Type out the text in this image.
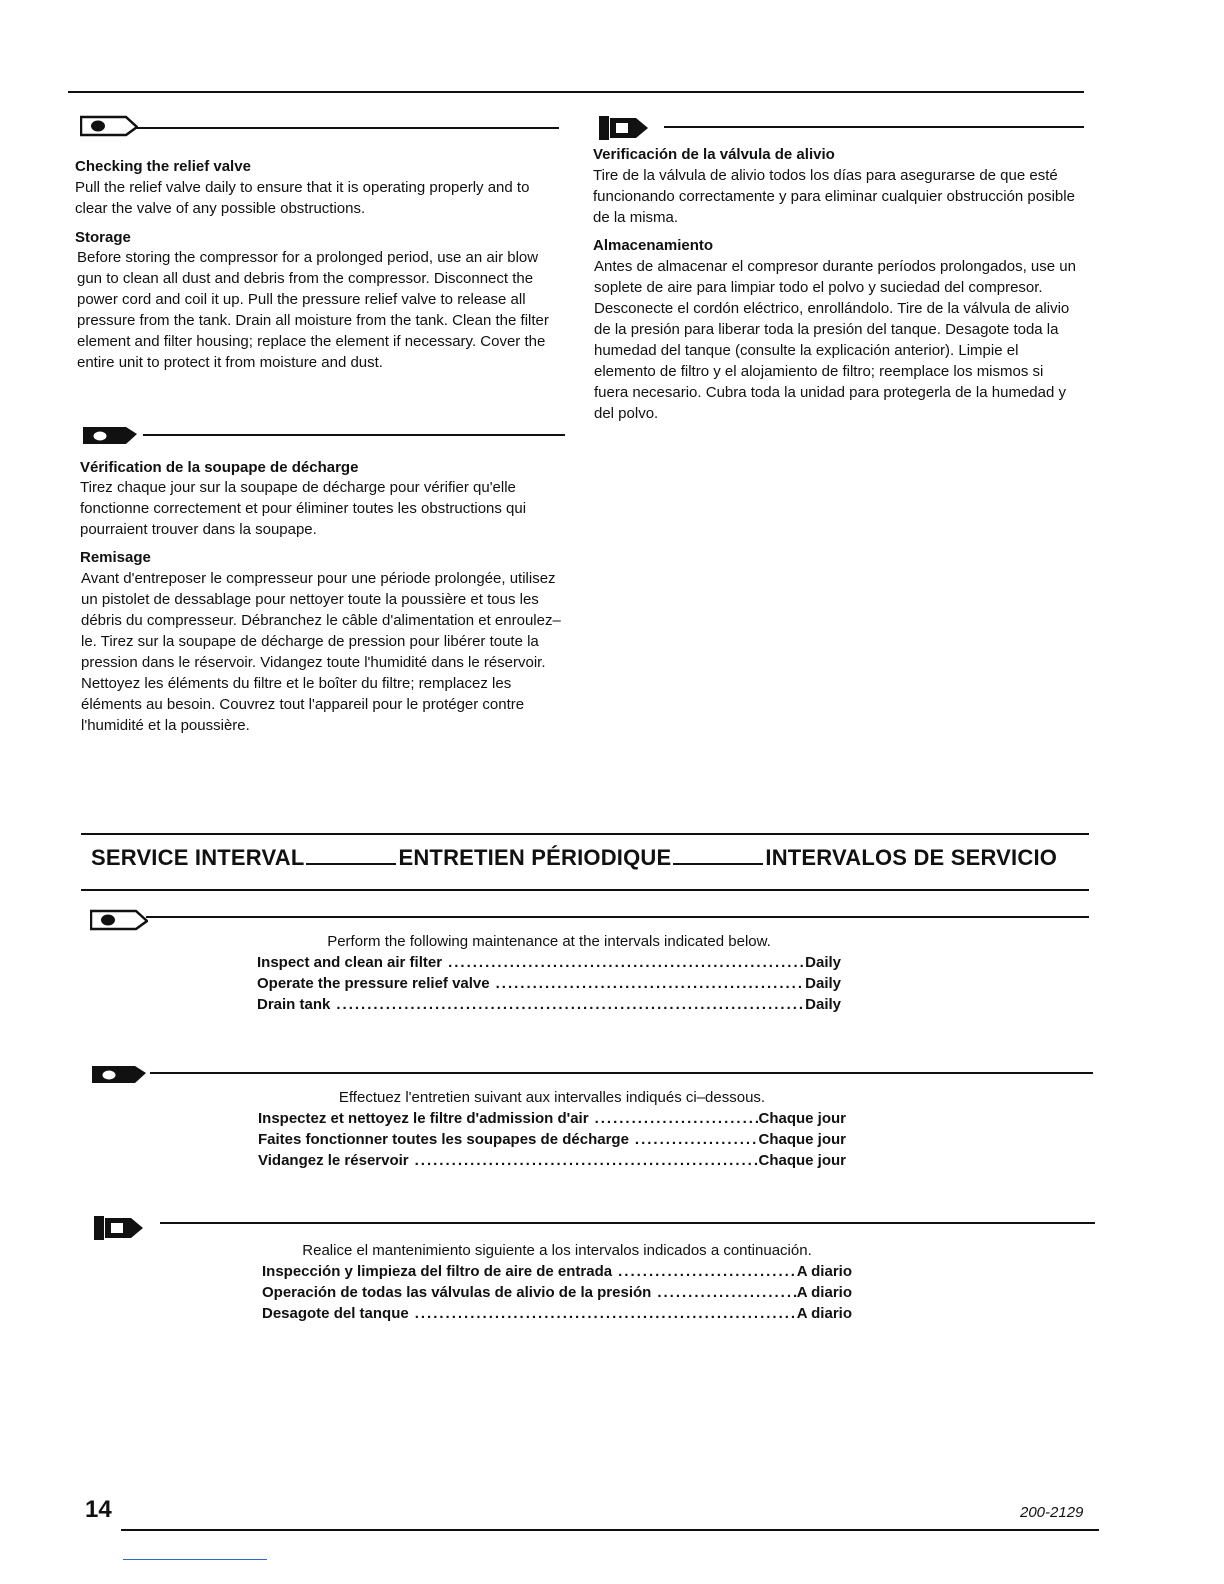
Checking the relief valve
Pull the relief valve daily to ensure that it is operating properly and to clear the valve of any possible obstructions.
Storage
Before storing the compressor for a prolonged period, use an air blow gun to clean all dust and debris from the compressor. Disconnect the power cord and coil it up. Pull the pressure relief valve to release all pressure from the tank. Drain all moisture from the tank. Clean the filter element and filter housing; replace the element if necessary. Cover the entire unit to protect it from moisture and dust.
Vérification de la soupape de décharge
Tirez chaque jour sur la soupape de décharge pour vérifier qu'elle fonctionne correctement et pour éliminer toutes les obstructions qui pourraient trouver dans la soupape.
Remisage
Avant d'entreposer le compresseur pour une période prolongée, utilisez un pistolet de dessablage pour nettoyer toute la poussière et tous les débris du compresseur. Débranchez le câble d'alimentation et enroulez–le. Tirez sur la soupape de décharge de pression pour libérer toute la pression dans le réservoir. Vidangez toute l'humidité dans le réservoir. Nettoyez les éléments du filtre et le boîter du filtre; remplacez les éléments au besoin. Couvrez tout l'appareil pour le protéger contre l'humidité et la poussière.
Verificación de la válvula de alivio
Tire de la válvula de alivio todos los días para asegurarse de que esté funcionando correctamente y para eliminar cualquier obstrucción posible de la misma.
Almacenamiento
Antes de almacenar el compresor durante períodos prolongados, use un soplete de aire para limpiar todo el polvo y suciedad del compresor. Desconecte el cordón eléctrico, enrollándolo. Tire de la válvula de alivio de la presión para liberar toda la presión del tanque. Desagote toda la humedad del tanque (consulte la explicación anterior). Limpie el elemento de filtro y el alojamiento de filtro; reemplace los mismos si fuera necesario. Cubra toda la unidad para protegerla de la humedad y del polvo.
SERVICE INTERVAL	ENTRETIEN PÉRIODIQUE	INTERVALOS DE SERVICIO
Perform the following maintenance at the intervals indicated below.
Inspect and clean air filter .....	Daily
Operate the pressure relief valve .....	Daily
Drain tank .....	Daily
Effectuez l'entretien suivant aux intervalles indiqués ci–dessous.
Inspectez et nettoyez le filtre d'admission d'air .....	Chaque jour
Faites fonctionner toutes les soupapes de décharge .....	Chaque jour
Vidangez le réservoir .....	Chaque jour
Realice el mantenimiento siguiente a los intervalos indicados a continuación.
Inspección y limpieza del filtro de aire de entrada .....	A diario
Operación de todas las válvulas de alivio de la presión .....	A diario
Desagote del tanque .....	A diario
14	200-2129
